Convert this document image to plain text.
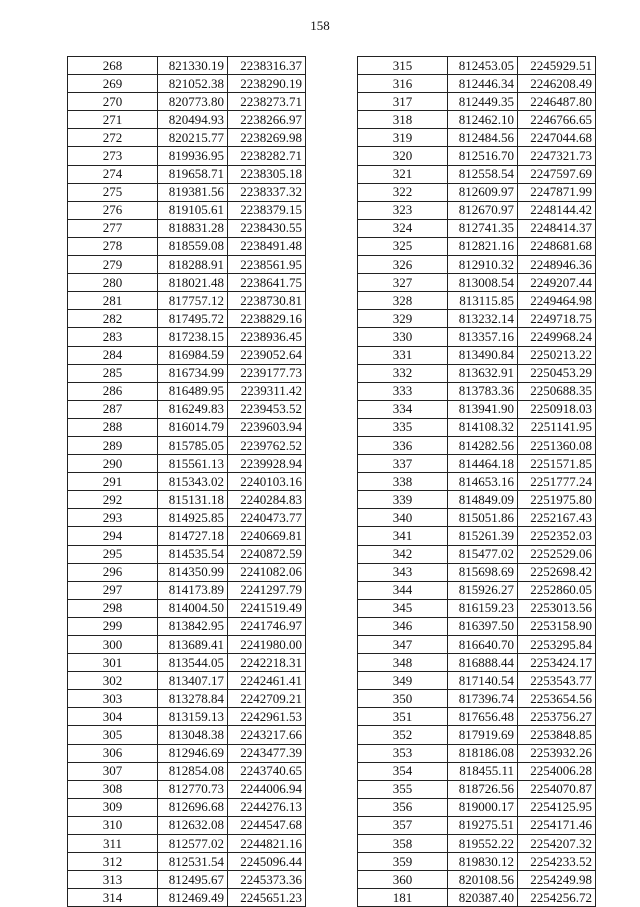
158
268	821330.19	2238316.37
269	821052.38	2238290.19
270	820773.80	2238273.71
271	820494.93	2238266.97
272	820215.77	2238269.98
273	819936.95	2238282.71
274	819658.71	2238305.18
275	819381.56	2238337.32
276	819105.61	2238379.15
277	818831.28	2238430.55
278	818559.08	2238491.48
279	818288.91	2238561.95
280	818021.48	2238641.75
281	817757.12	2238730.81
282	817495.72	2238829.16
283	817238.15	2238936.45
284	816984.59	2239052.64
285	816734.99	2239177.73
286	816489.95	2239311.42
287	816249.83	2239453.52
288	816014.79	2239603.94
289	815785.05	2239762.52
290	815561.13	2239928.94
291	815343.02	2240103.16
292	815131.18	2240284.83
293	814925.85	2240473.77
294	814727.18	2240669.81
295	814535.54	2240872.59
296	814350.99	2241082.06
297	814173.89	2241297.79
298	814004.50	2241519.49
299	813842.95	2241746.97
300	813689.41	2241980.00
301	813544.05	2242218.31
302	813407.17	2242461.41
303	813278.84	2242709.21
304	813159.13	2242961.53
305	813048.38	2243217.66
306	812946.69	2243477.39
307	812854.08	2243740.65
308	812770.73	2244006.94
309	812696.68	2244276.13
310	812632.08	2244547.68
311	812577.02	2244821.16
312	812531.54	2245096.44
313	812495.67	2245373.36
314	812469.49	2245651.23
315	812453.05	2245929.51
316	812446.34	2246208.49
317	812449.35	2246487.80
318	812462.10	2246766.65
319	812484.56	2247044.68
320	812516.70	2247321.73
321	812558.54	2247597.69
322	812609.97	2247871.99
323	812670.97	2248144.42
324	812741.35	2248414.37
325	812821.16	2248681.68
326	812910.32	2248946.36
327	813008.54	2249207.44
328	813115.85	2249464.98
329	813232.14	2249718.75
330	813357.16	2249968.24
331	813490.84	2250213.22
332	813632.91	2250453.29
333	813783.36	2250688.35
334	813941.90	2250918.03
335	814108.32	2251141.95
336	814282.56	2251360.08
337	814464.18	2251571.85
338	814653.16	2251777.24
339	814849.09	2251975.80
340	815051.86	2252167.43
341	815261.39	2252352.03
342	815477.02	2252529.06
343	815698.69	2252698.42
344	815926.27	2252860.05
345	816159.23	2253013.56
346	816397.50	2253158.90
347	816640.70	2253295.84
348	816888.44	2253424.17
349	817140.54	2253543.77
350	817396.74	2253654.56
351	817656.48	2253756.27
352	817919.69	2253848.85
353	818186.08	2253932.26
354	818455.11	2254006.28
355	818726.56	2254070.87
356	819000.17	2254125.95
357	819275.51	2254171.46
358	819552.22	2254207.32
359	819830.12	2254233.52
360	820108.56	2254249.98
181	820387.40	2254256.72
